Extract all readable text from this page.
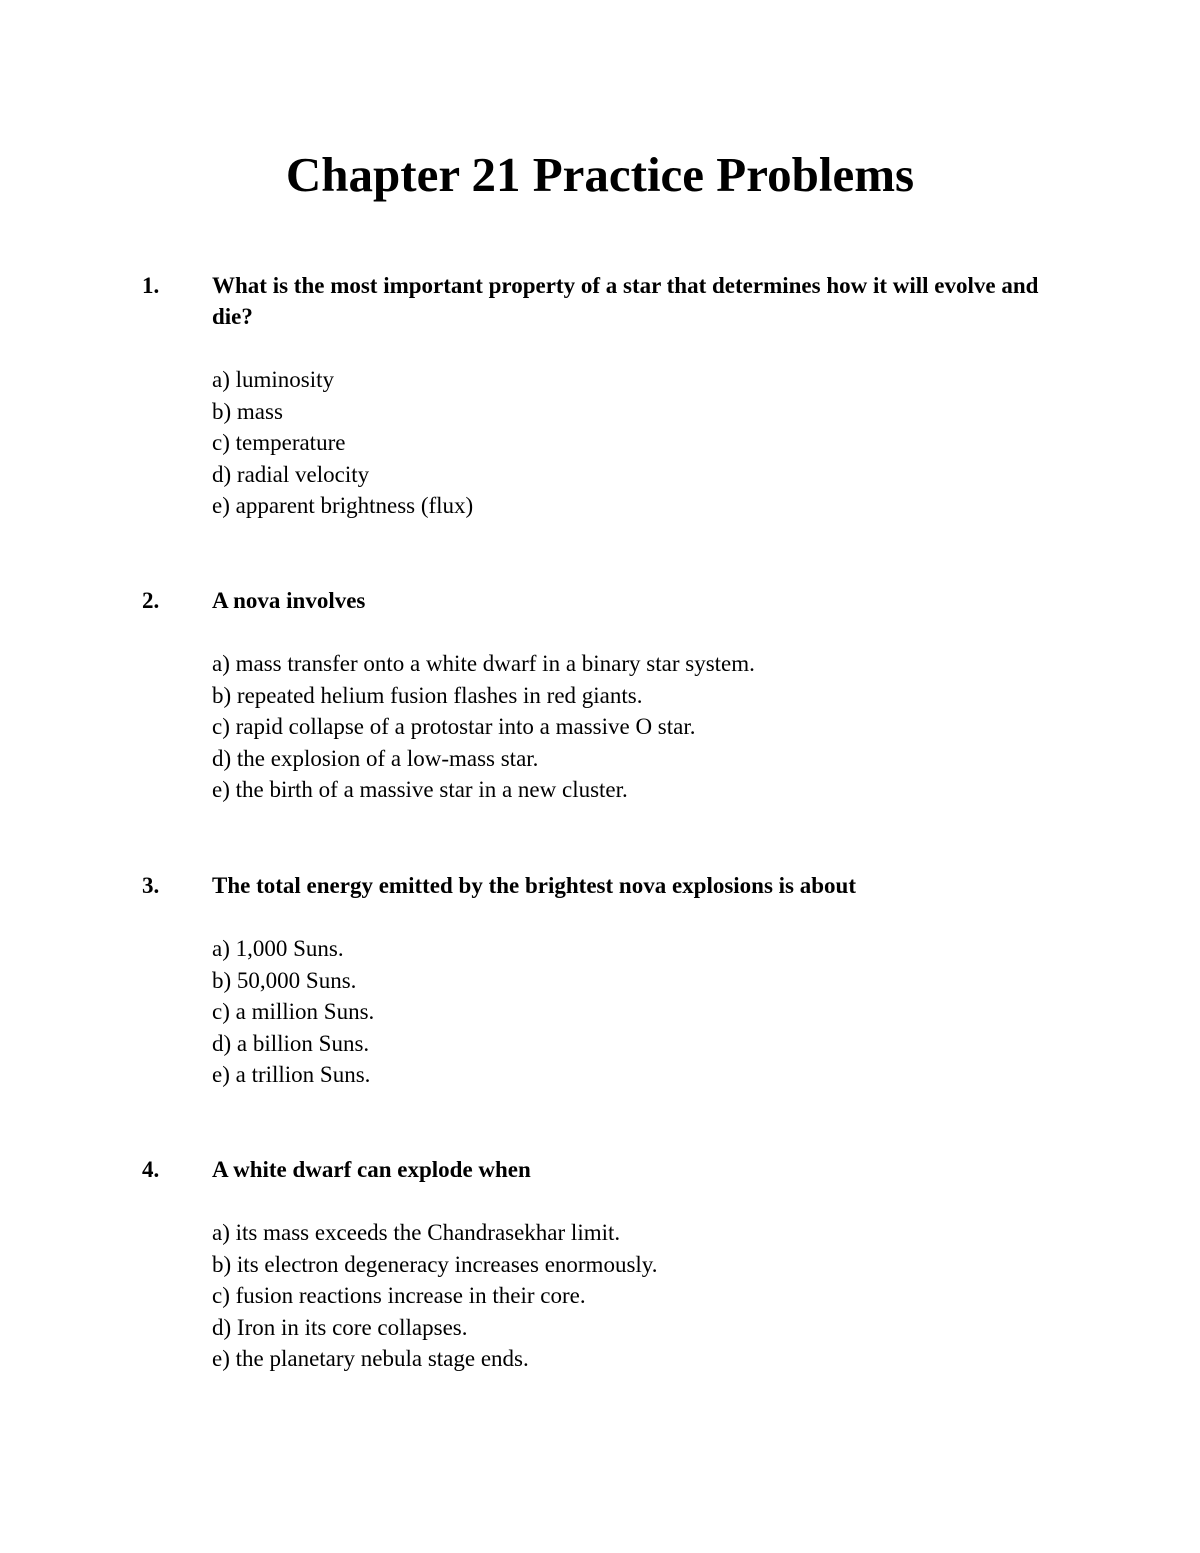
Chapter 21 Practice Problems
1. What is the most important property of a star that determines how it will evolve and die?
a) luminosity
b) mass
c) temperature
d) radial velocity
e) apparent brightness (flux)
2. A nova involves
a) mass transfer onto a white dwarf in a binary star system.
b) repeated helium fusion flashes in red giants.
c) rapid collapse of a protostar into a massive O star.
d) the explosion of a low-mass star.
e) the birth of a massive star in a new cluster.
3. The total energy emitted by the brightest nova explosions is about
a) 1,000 Suns.
b) 50,000 Suns.
c) a million Suns.
d) a billion Suns.
e) a trillion Suns.
4. A white dwarf can explode when
a) its mass exceeds the Chandrasekhar limit.
b) its electron degeneracy increases enormously.
c) fusion reactions increase in their core.
d) Iron in its core collapses.
e) the planetary nebula stage ends.
